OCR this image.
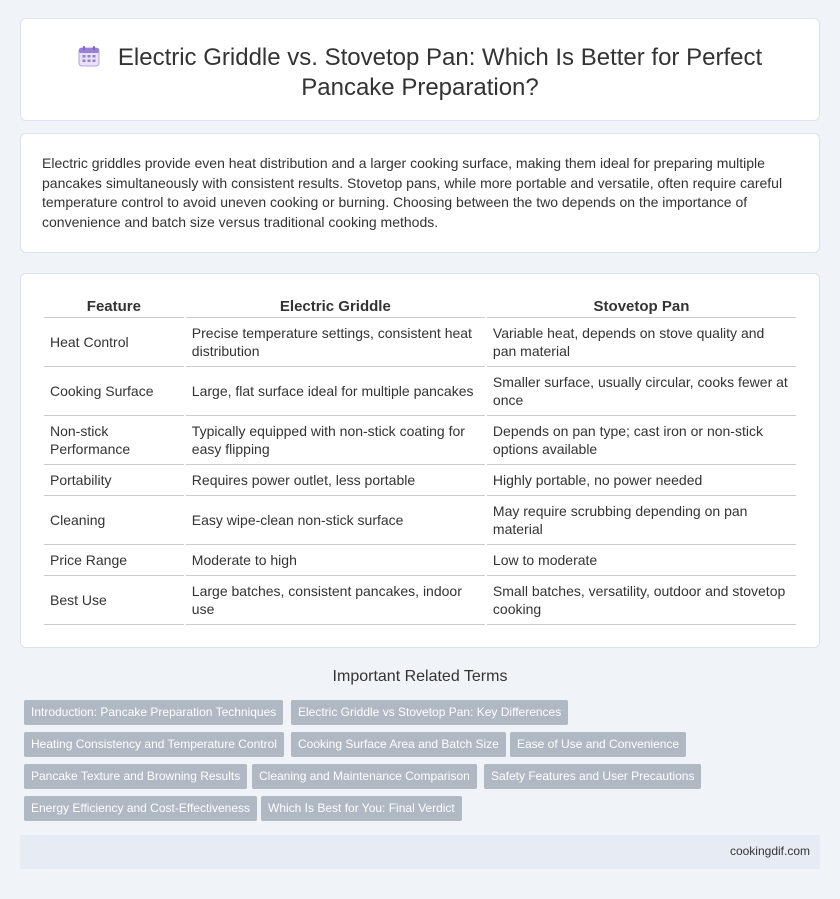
Electric Griddle vs. Stovetop Pan: Which Is Better for Perfect Pancake Preparation?

Electric griddles provide even heat distribution and a larger cooking surface, making them ideal for preparing multiple pancakes simultaneously with consistent results. Stovetop pans, while more portable and versatile, often require careful temperature control to avoid uneven cooking or burning. Choosing between the two depends on the importance of convenience and batch size versus traditional cooking methods.

Feature	Electric Griddle	Stovetop Pan
Heat Control	Precise temperature settings, consistent heat distribution	Variable heat, depends on stove quality and pan material
Cooking Surface	Large, flat surface ideal for multiple pancakes	Smaller surface, usually circular, cooks fewer at once
Non-stick Performance	Typically equipped with non-stick coating for easy flipping	Depends on pan type; cast iron or non-stick options available
Portability	Requires power outlet, less portable	Highly portable, no power needed
Cleaning	Easy wipe-clean non-stick surface	May require scrubbing depending on pan material
Price Range	Moderate to high	Low to moderate
Best Use	Large batches, consistent pancakes, indoor use	Small batches, versatility, outdoor and stovetop cooking
Important Related Terms
Introduction: Pancake Preparation Techniques	Electric Griddle vs Stovetop Pan: Key Differences
Heating Consistency and Temperature Control	Cooking Surface Area and Batch Size	Ease of Use and Convenience
Pancake Texture and Browning Results	Cleaning and Maintenance Comparison	Safety Features and User Precautions
Energy Efficiency and Cost-Effectiveness	Which Is Best for You: Final Verdict
cookingdif.com
